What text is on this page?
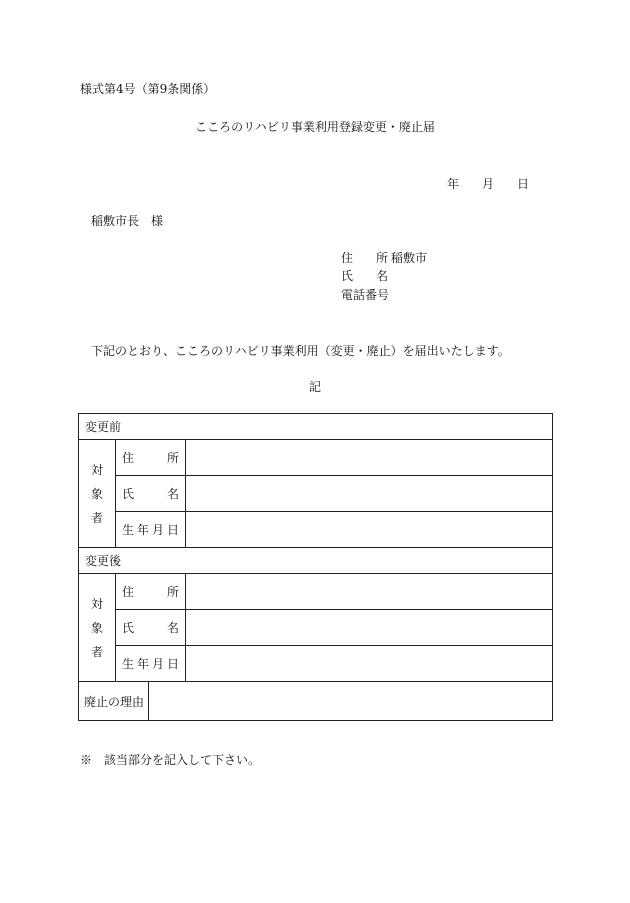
様式第4号（第9条関係）
こころのリハビリ事業利用登録変更・廃止届
年 月 日
稲敷市長　様
住 所 稲敷市
氏 名
電話番号
下記のとおり、こころのリハビリ事業利用（変更・廃止）を届出いたします。
記
変更前			

対
象
者	住 所		

	氏 名		

	生 年 月 日		

変更後			

対
象
者	住 所		

	氏 名		

	生 年 月 日		

廃止の理由			
※　該当部分を記入して下さい。
